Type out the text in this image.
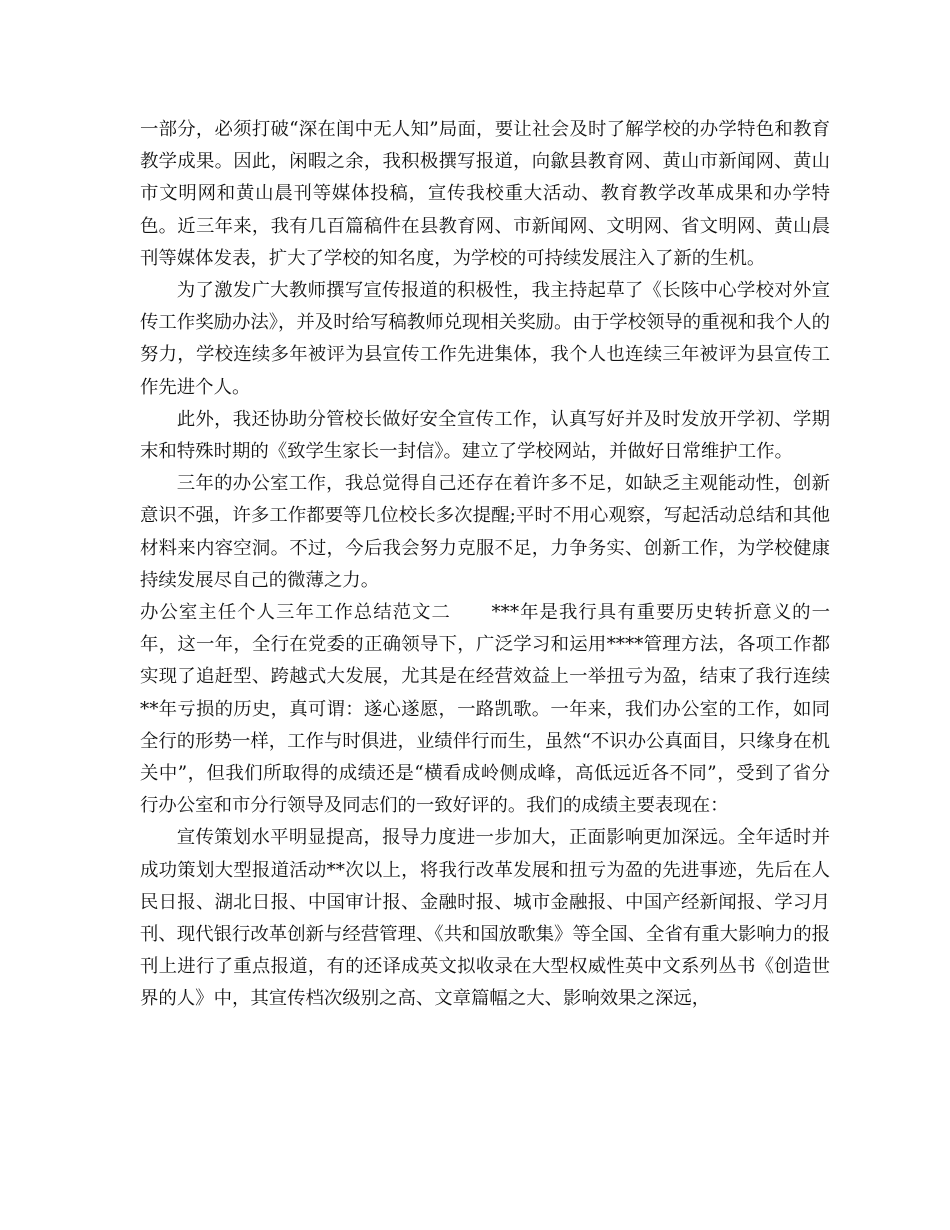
一部分，必须打破“深在闺中无人知”局面，要让社会及时了解学校的办学特色和教育教学成果。因此，闲暇之余，我积极撰写报道，向歙县教育网、黄山市新闻网、黄山市文明网和黄山晨刊等媒体投稿，宣传我校重大活动、教育教学改革成果和办学特色。近三年来，我有几百篇稿件在县教育网、市新闻网、文明网、省文明网、黄山晨刊等媒体发表，扩大了学校的知名度，为学校的可持续发展注入了新的生机。

为了激发广大教师撰写宣传报道的积极性，我主持起草了《长陔中心学校对外宣传工作奖励办法》，并及时给写稿教师兑现相关奖励。由于学校领导的重视和我个人的努力，学校连续多年被评为县宣传工作先进集体，我个人也连续三年被评为县宣传工作先进个人。

此外，我还协助分管校长做好安全宣传工作，认真写好并及时发放开学初、学期末和特殊时期的《致学生家长一封信》。建立了学校网站，并做好日常维护工作。

三年的办公室工作，我总觉得自己还存在着许多不足，如缺乏主观能动性，创新意识不强，许多工作都要等几位校长多次提醒;平时不用心观察，写起活动总结和其他材料来内容空洞。不过，今后我会努力克服不足，力争务实、创新工作，为学校健康持续发展尽自己的微薄之力。

办公室主任个人三年工作总结范文二 ***年是我行具有重要历史转折意义的一年，这一年，全行在党委的正确领导下，广泛学习和运用****管理方法，各项工作都实现了追赶型、跨越式大发展，尤其是在经营效益上一举扭亏为盈，结束了我行连续**年亏损的历史，真可谓：遂心遂愿，一路凯歌。一年来，我们办公室的工作，如同全行的形势一样，工作与时俱进，业绩伴行而生，虽然“不识办公真面目，只缘身在机关中”，但我们所取得的成绩还是“横看成岭侧成峰，高低远近各不同”，受到了省分行办公室和市分行领导及同志们的一致好评的。我们的成绩主要表现在：

宣传策划水平明显提高，报导力度进一步加大，正面影响更加深远。全年适时并成功策划大型报道活动**次以上，将我行改革发展和扭亏为盈的先进事迹，先后在人民日报、湖北日报、中国审计报、金融时报、城市金融报、中国产经新闻报、学习月刊、现代银行改革创新与经营管理、《共和国放歌集》等全国、全省有重大影响力的报刊上进行了重点报道，有的还译成英文拟收录在大型权威性英中文系列丛书《创造世界的人》中，其宣传档次级别之高、文章篇幅之大、影响效果之深远，
